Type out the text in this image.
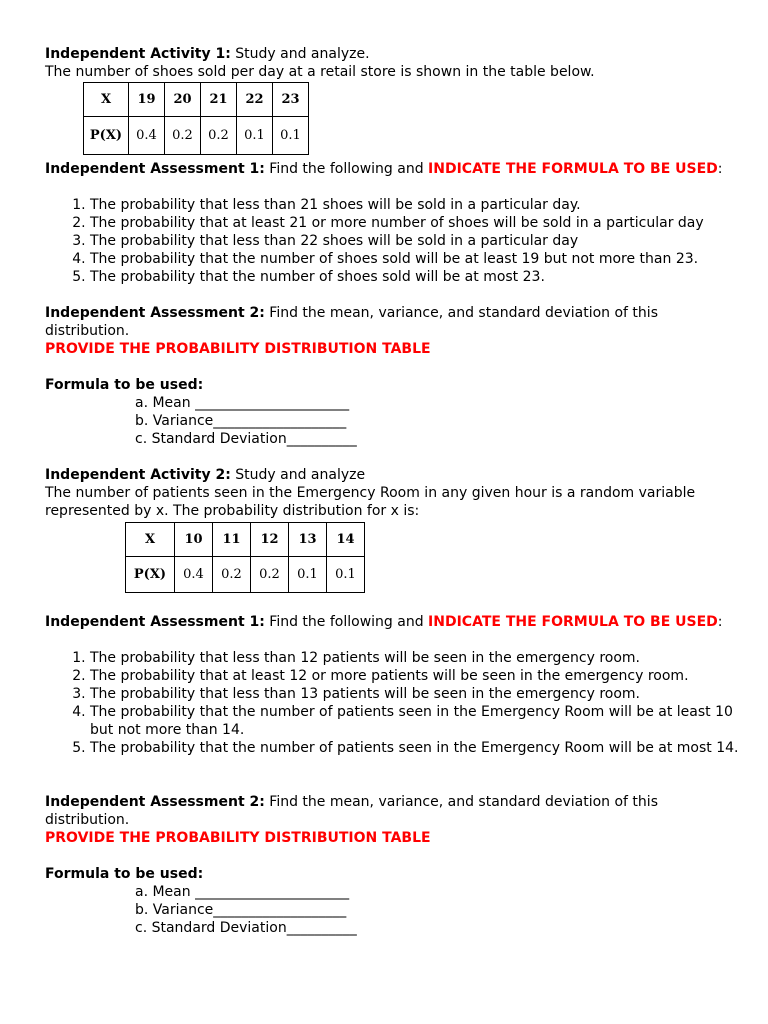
Independent Activity 1: Study and analyze.

The number of shoes sold per day at a retail store is shown in the table below.

X	19	20	21	22	23
P(X)	0.4	0.2	0.2	0.1	0.1

Independent Assessment 1: Find the following and INDICATE THE FORMULA TO BE USED:

1. The probability that less than 21 shoes will be sold in a particular day.
2. The probability that at least 21 or more number of shoes will be sold in a particular day
3. The probability that less than 22 shoes will be sold in a particular day
4. The probability that the number of shoes sold will be at least 19 but not more than 23.
5. The probability that the number of shoes sold will be at most 23.

Independent Assessment 2: Find the mean, variance, and standard deviation of this distribution.

PROVIDE THE PROBABILITY DISTRIBUTION TABLE

Formula to be used:

a. Mean ______________________

b. Variance___________________

c. Standard Deviation__________

Independent Activity 2: Study and analyze

The number of patients seen in the Emergency Room in any given hour is a random variable represented by x. The probability distribution for x is:

X	10	11	12	13	14
P(X)	0.4	0.2	0.2	0.1	0.1

Independent Assessment 1: Find the following and INDICATE THE FORMULA TO BE USED:

1. The probability that less than 12 patients will be seen in the emergency room.
2. The probability that at least 12 or more patients will be seen in the emergency room.
3. The probability that less than 13 patients will be seen in the emergency room.
4. The probability that the number of patients seen in the Emergency Room will be at least 10 but not more than 14.
5. The probability that the number of patients seen in the Emergency Room will be at most 14.

Independent Assessment 2: Find the mean, variance, and standard deviation of this distribution.

PROVIDE THE PROBABILITY DISTRIBUTION TABLE

Formula to be used:

a. Mean ______________________

b. Variance___________________

c. Standard Deviation__________
